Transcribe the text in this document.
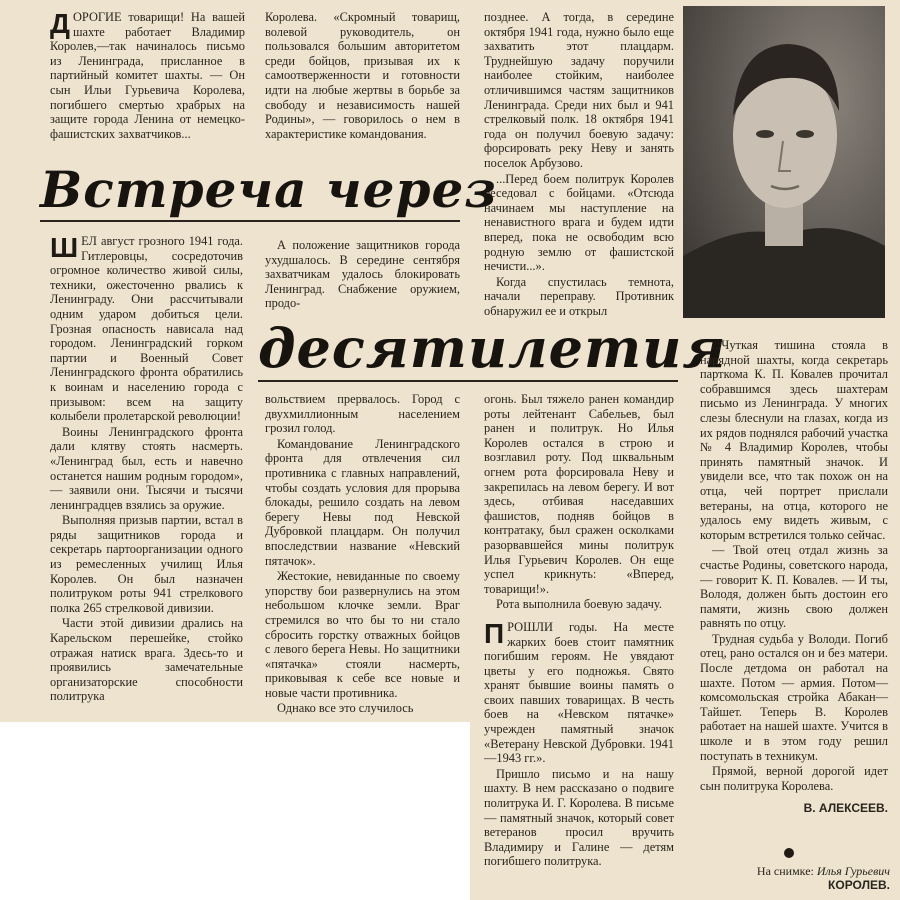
ДОРОГИЕ товарищи! На вашей шахте работает Владимир Королев,—так начиналось письмо из Ленинграда, присланное в партийный комитет шахты. — Он сын Ильи Гурьевича Королева, погибшего смертью храбрых на защите города Ленина от немецко-фашистских захватчиков...

Королева. «Скромный товарищ, волевой руководитель, он пользовался большим авторитетом среди бойцов, призывая их к самоотверженности и готовности идти на любые жертвы в борьбе за свободу и независимость нашей Родины», — говорилось о нем в характеристике командования.

позднее. А тогда, в середине октября 1941 года, нужно было еще захватить этот плацдарм. Труднейшую задачу поручили наиболее стойким, наиболее отличившимся частям защитников Ленинграда. Среди них был и 941 стрелковый полк. 18 октября 1941 года он получил боевую задачу: форсировать реку Неву и занять поселок Арбузово.

...Перед боем политрук Королев беседовал с бойцами. «Отсюда начинаем мы наступление на ненавистного врага и будем идти вперед, пока не освободим всю родную землю от фашистской нечисти...».

Когда спустилась темнота, начали переправу. Противник обнаружил ее и открыл

Встреча через

ШЕЛ август грозного 1941 года. Гитлеровцы, сосредоточив огромное количество живой силы, техники, ожесточенно рвались к Ленинграду. Они рассчитывали одним ударом добиться цели. Грозная опасность нависала над городом. Ленинградский горком партии и Военный Совет Ленинградского фронта обратились к воинам и населению города с призывом: всем на защиту колыбели пролетарской революции!

Воины Ленинградского фронта дали клятву стоять насмерть. «Ленинград был, есть и навечно останется нашим родным городом», — заявили они. Тысячи и тысячи ленинградцев взялись за оружие.

Выполняя призыв партии, встал в ряды защитников города и секретарь партоорганизации одного из ремесленных училищ Илья Королев. Он был назначен политруком роты 941 стрелкового полка 265 стрелковой дивизии.

Части этой дивизии дрались на Карельском перешейке, стойко отражая натиск врага. Здесь-то и проявились замечательные организаторские способности политрука

А положение защитников города ухудшалось. В середине сентября захватчикам удалось блокировать Ленинград. Снабжение оружием, продо-

десятилетия

вольствием прервалось. Город с двухмиллионным населением грозил голод.

Командование Ленинградского фронта для отвлечения сил противника с главных направлений, чтобы создать условия для прорыва блокады, решило создать на левом берегу Невы под Невской Дубровкой плацдарм. Он получил впоследствии название «Невский пятачок».

Жестокие, невиданные по своему упорству бои развернулись на этом небольшом клочке земли. Враг стремился во что бы то ни стало сбросить горстку отважных бойцов с левого берега Невы. Но защитники «пятачка» стояли насмерть, приковывая к себе все новые и новые части противника.

Однако все это случилось

огонь. Был тяжело ранен командир роты лейтенант Сабельев, был ранен и политрук. Но Илья Королев остался в строю и возглавил роту. Под шквальным огнем рота форсировала Неву и закрепилась на левом берегу. И вот здесь, отбивая наседавших фашистов, подняв бойцов в контратаку, был сражен осколками разорвавшейся мины политрук Илья Гурьевич Королев. Он еще успел крикнуть: «Вперед, товарищи!».

Рота выполнила боевую задачу.

ПРОШЛИ годы. На месте жарких боев стоит памятник погибшим героям. Не увядают цветы у его подножья. Свято хранят бывшие воины память о своих павших товарищах. В честь боев на «Невском пятачке» учрежден памятный значок «Ветерану Невской Дубровки. 1941—1943 гг.».

Пришло письмо и на нашу шахту. В нем рассказано о подвиге политрука И. Г. Королева. В письме — памятный значок, который совет ветеранов просил вручить Владимиру и Галине — детям погибшего политрука.

...Чуткая тишина стояла в нарядной шахты, когда секретарь парткома К. П. Ковалев прочитал собравшимся здесь шахтерам письмо из Ленинграда. У многих слезы блеснули на глазах, когда из их рядов поднялся рабочий участка № 4 Владимир Королев, чтобы принять памятный значок. И увидели все, что так похож он на отца, чей портрет прислали ветераны, на отца, которого не удалось ему видеть живым, с которым встретился только сейчас.

— Твой отец отдал жизнь за счастье Родины, советского народа, — говорит К. П. Ковалев. — И ты, Володя, должен быть достоин его памяти, жизнь свою должен равнять по отцу.

Трудная судьба у Володи. Погиб отец, рано остался он и без матери. После детдома он работал на шахте. Потом — армия. Потом— комсомольская стройка Абакан—Тайшет. Теперь В. Королев работает на нашей шахте. Учится в школе и в этом году решил поступать в техникум.

Прямой, верной дорогой идет сын политрука Королева.

В. АЛЕКСЕЕВ.

На снимке: Илья Гурьевич
КОРОЛЕВ.
